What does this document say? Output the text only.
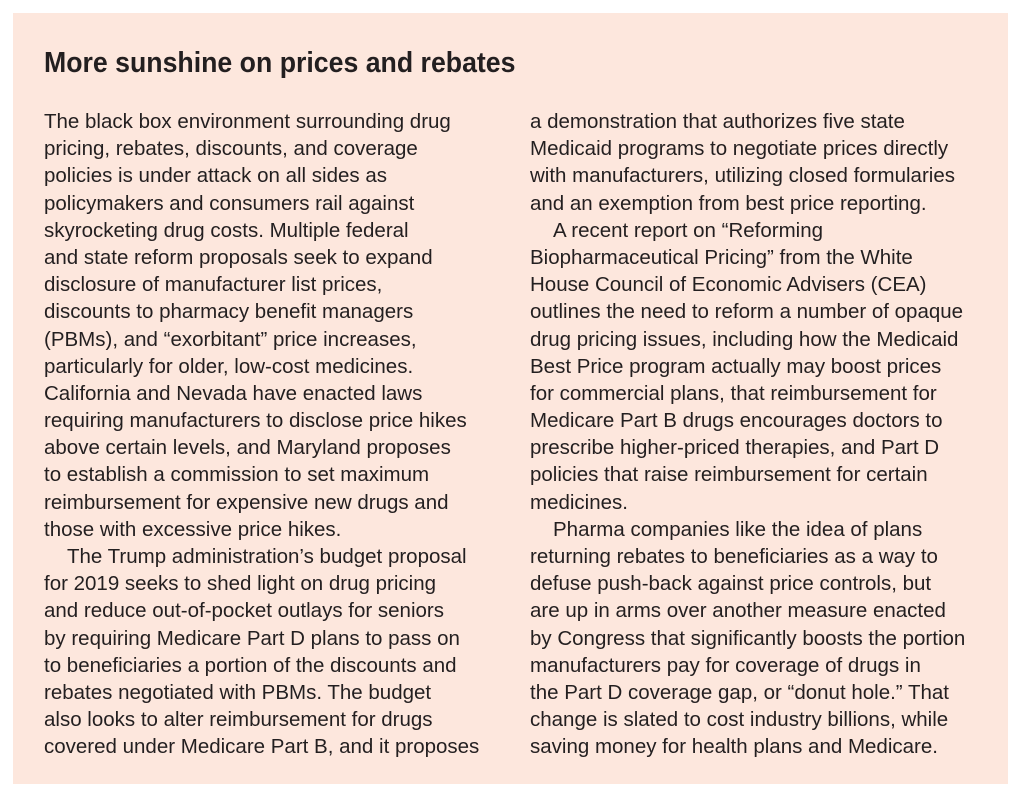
More sunshine on prices and rebates
The black box environment surrounding drug
pricing, rebates, discounts, and coverage
policies is under attack on all sides as
policymakers and consumers rail against
skyrocketing drug costs. Multiple federal
and state reform proposals seek to expand
disclosure of manufacturer list prices,
discounts to pharmacy benefit managers
(PBMs), and “exorbitant” price increases,
particularly for older, low-cost medicines.
California and Nevada have enacted laws
requiring manufacturers to disclose price hikes
above certain levels, and Maryland proposes
to establish a commission to set maximum
reimbursement for expensive new drugs and
those with excessive price hikes.
The Trump administration’s budget proposal
for 2019 seeks to shed light on drug pricing
and reduce out-of-pocket outlays for seniors
by requiring Medicare Part D plans to pass on
to beneficiaries a portion of the discounts and
rebates negotiated with PBMs. The budget
also looks to alter reimbursement for drugs
covered under Medicare Part B, and it proposes
a demonstration that authorizes five state
Medicaid programs to negotiate prices directly
with manufacturers, utilizing closed formularies
and an exemption from best price reporting.
A recent report on “Reforming
Biopharmaceutical Pricing” from the White
House Council of Economic Advisers (CEA)
outlines the need to reform a number of opaque
drug pricing issues, including how the Medicaid
Best Price program actually may boost prices
for commercial plans, that reimbursement for
Medicare Part B drugs encourages doctors to
prescribe higher-priced therapies, and Part D
policies that raise reimbursement for certain
medicines.
Pharma companies like the idea of plans
returning rebates to beneficiaries as a way to
defuse push-back against price controls, but
are up in arms over another measure enacted
by Congress that significantly boosts the portion
manufacturers pay for coverage of drugs in
the Part D coverage gap, or “donut hole.” That
change is slated to cost industry billions, while
saving money for health plans and Medicare.
